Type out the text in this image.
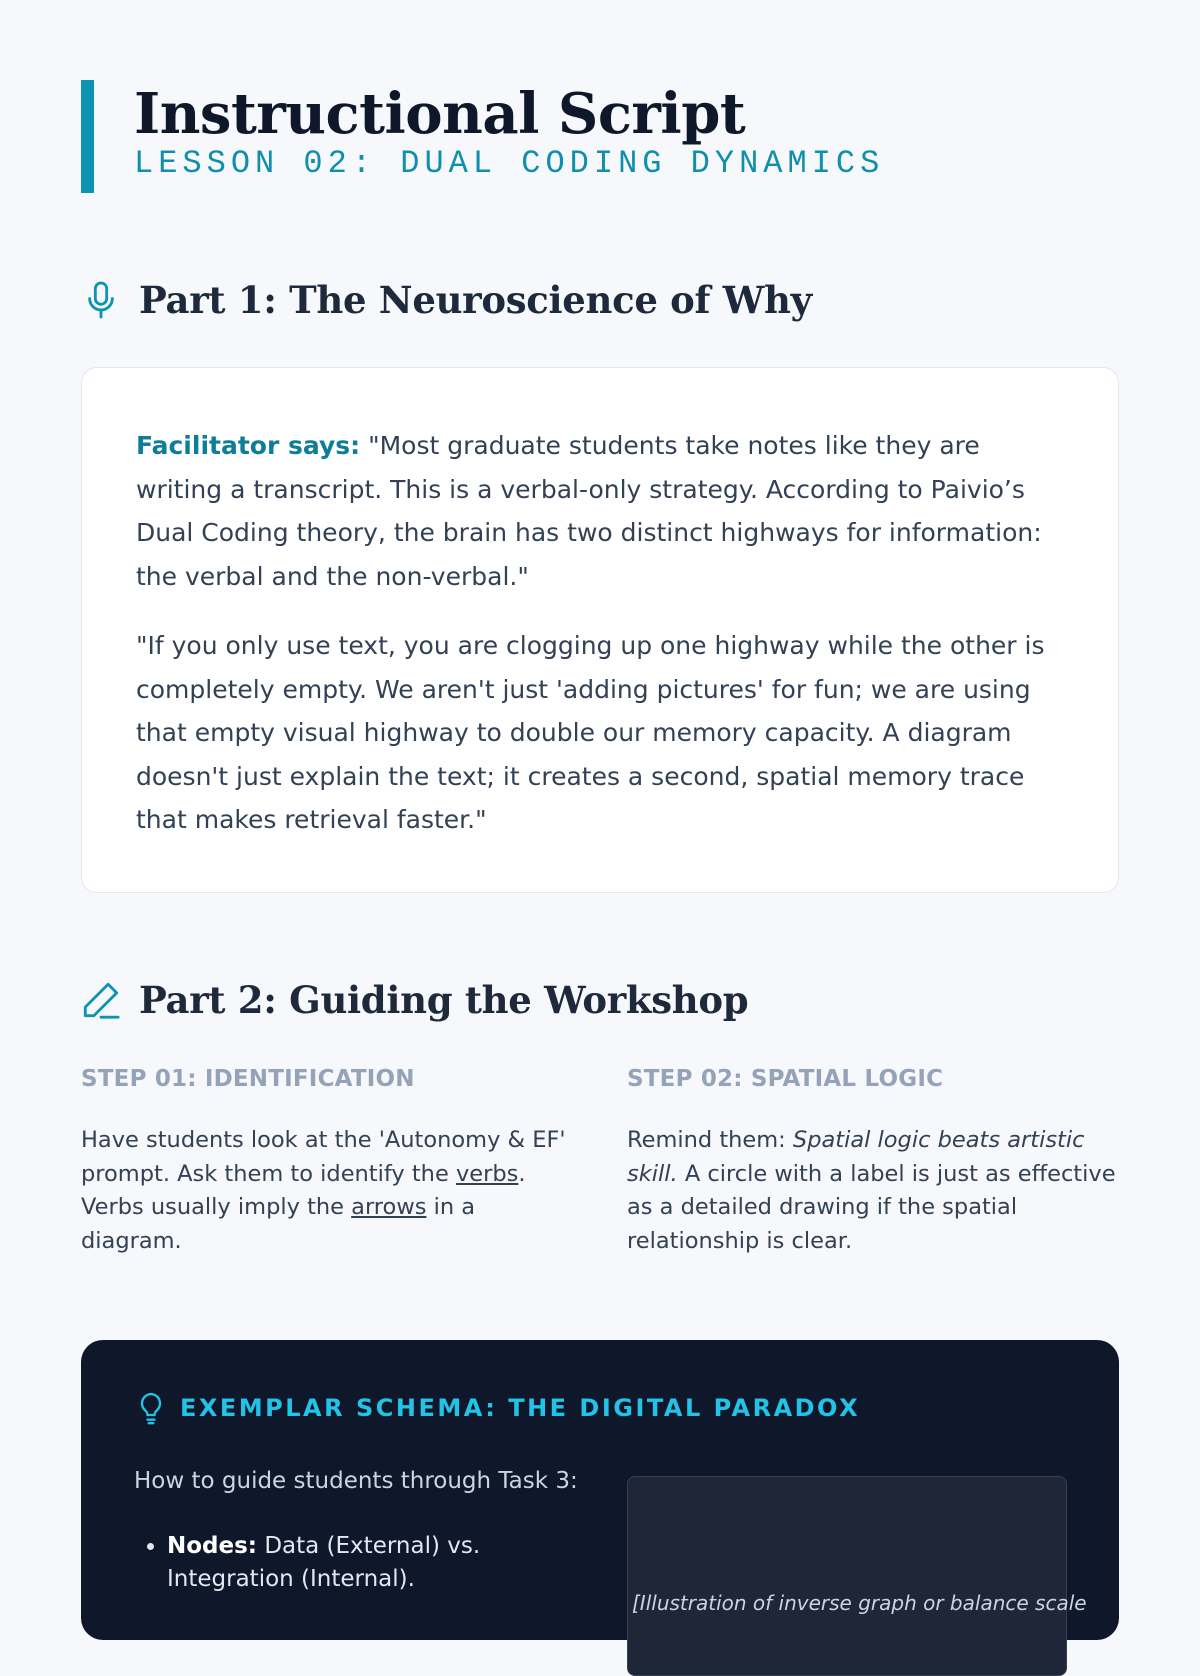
Instructional Script
LESSON 02: DUAL CODING DYNAMICS
Part 1: The Neuroscience of Why

Facilitator says: "Most graduate students take notes like they are writing a transcript. This is a verbal-only strategy. According to Paivio’s Dual Coding theory, the brain has two distinct highways for information: the verbal and the non-verbal."

"If you only use text, you are clogging up one highway while the other is completely empty. We aren't just 'adding pictures' for fun; we are using that empty visual highway to double our memory capacity. A diagram doesn't just explain the text; it creates a second, spatial memory trace that makes retrieval faster."

Part 2: Guiding the Workshop
STEP 01: IDENTIFICATION

Have students look at the 'Autonomy & EF' prompt. Ask them to identify the verbs. Verbs usually imply the arrows in a diagram.

STEP 02: SPATIAL LOGIC

Remind them: Spatial logic beats artistic skill. A circle with a label is just as effective as a detailed drawing if the spatial relationship is clear.

EXEMPLAR SCHEMA: THE DIGITAL PARADOX
How to guide students through Task 3:
• Nodes: Data (External) vs. Integration (Internal).
[Illustration of inverse graph or balance scale
